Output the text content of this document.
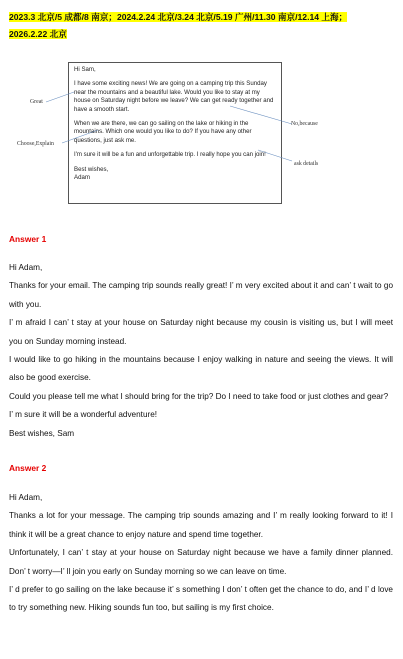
2023.3 北京/5 成都/8 南京；2024.2.24 北京/3.24 北京/5.19 广州/11.30 南京/12.14 上海；
2026.2.22 北京

Hi Sam,

I have some exciting news! We are going on a camping trip this Sunday near the mountains and a beautiful lake. Would you like to stay at my house on Saturday night before we leave? We can get ready together and have a smooth start.

When we are there, we can go sailing on the lake or hiking in the mountains. Which one would you like to do? If you have any other questions, just ask me.

I'm sure it will be a fun and unforgettable trip. I really hope you can join!

Best wishes,

Adam

Great
Choose,Explain
No,because
ask details
Answer 1

Hi Adam,

Thanks for your email. The camping trip sounds really great! I’ m very excited about it and can’ t wait to go with you.

I’ m afraid I can’ t stay at your house on Saturday night because my cousin is visiting us, but I will meet you on Sunday morning instead.

I would like to go hiking in the mountains because I enjoy walking in nature and seeing the views. It will also be good exercise.

Could you please tell me what I should bring for the trip? Do I need to take food or just clothes and gear?

I’ m sure it will be a wonderful adventure!

Best wishes, Sam

Answer 2

Hi Adam,

Thanks a lot for your message. The camping trip sounds amazing and I’ m really looking forward to it! I think it will be a great chance to enjoy nature and spend time together.

Unfortunately, I can’ t stay at your house on Saturday night because we have a family dinner planned. Don’ t worry—I’ ll join you early on Sunday morning so we can leave on time.

I’ d prefer to go sailing on the lake because it’ s something I don’ t often get the chance to do, and I’ d love to try something new. Hiking sounds fun too, but sailing is my first choice.
